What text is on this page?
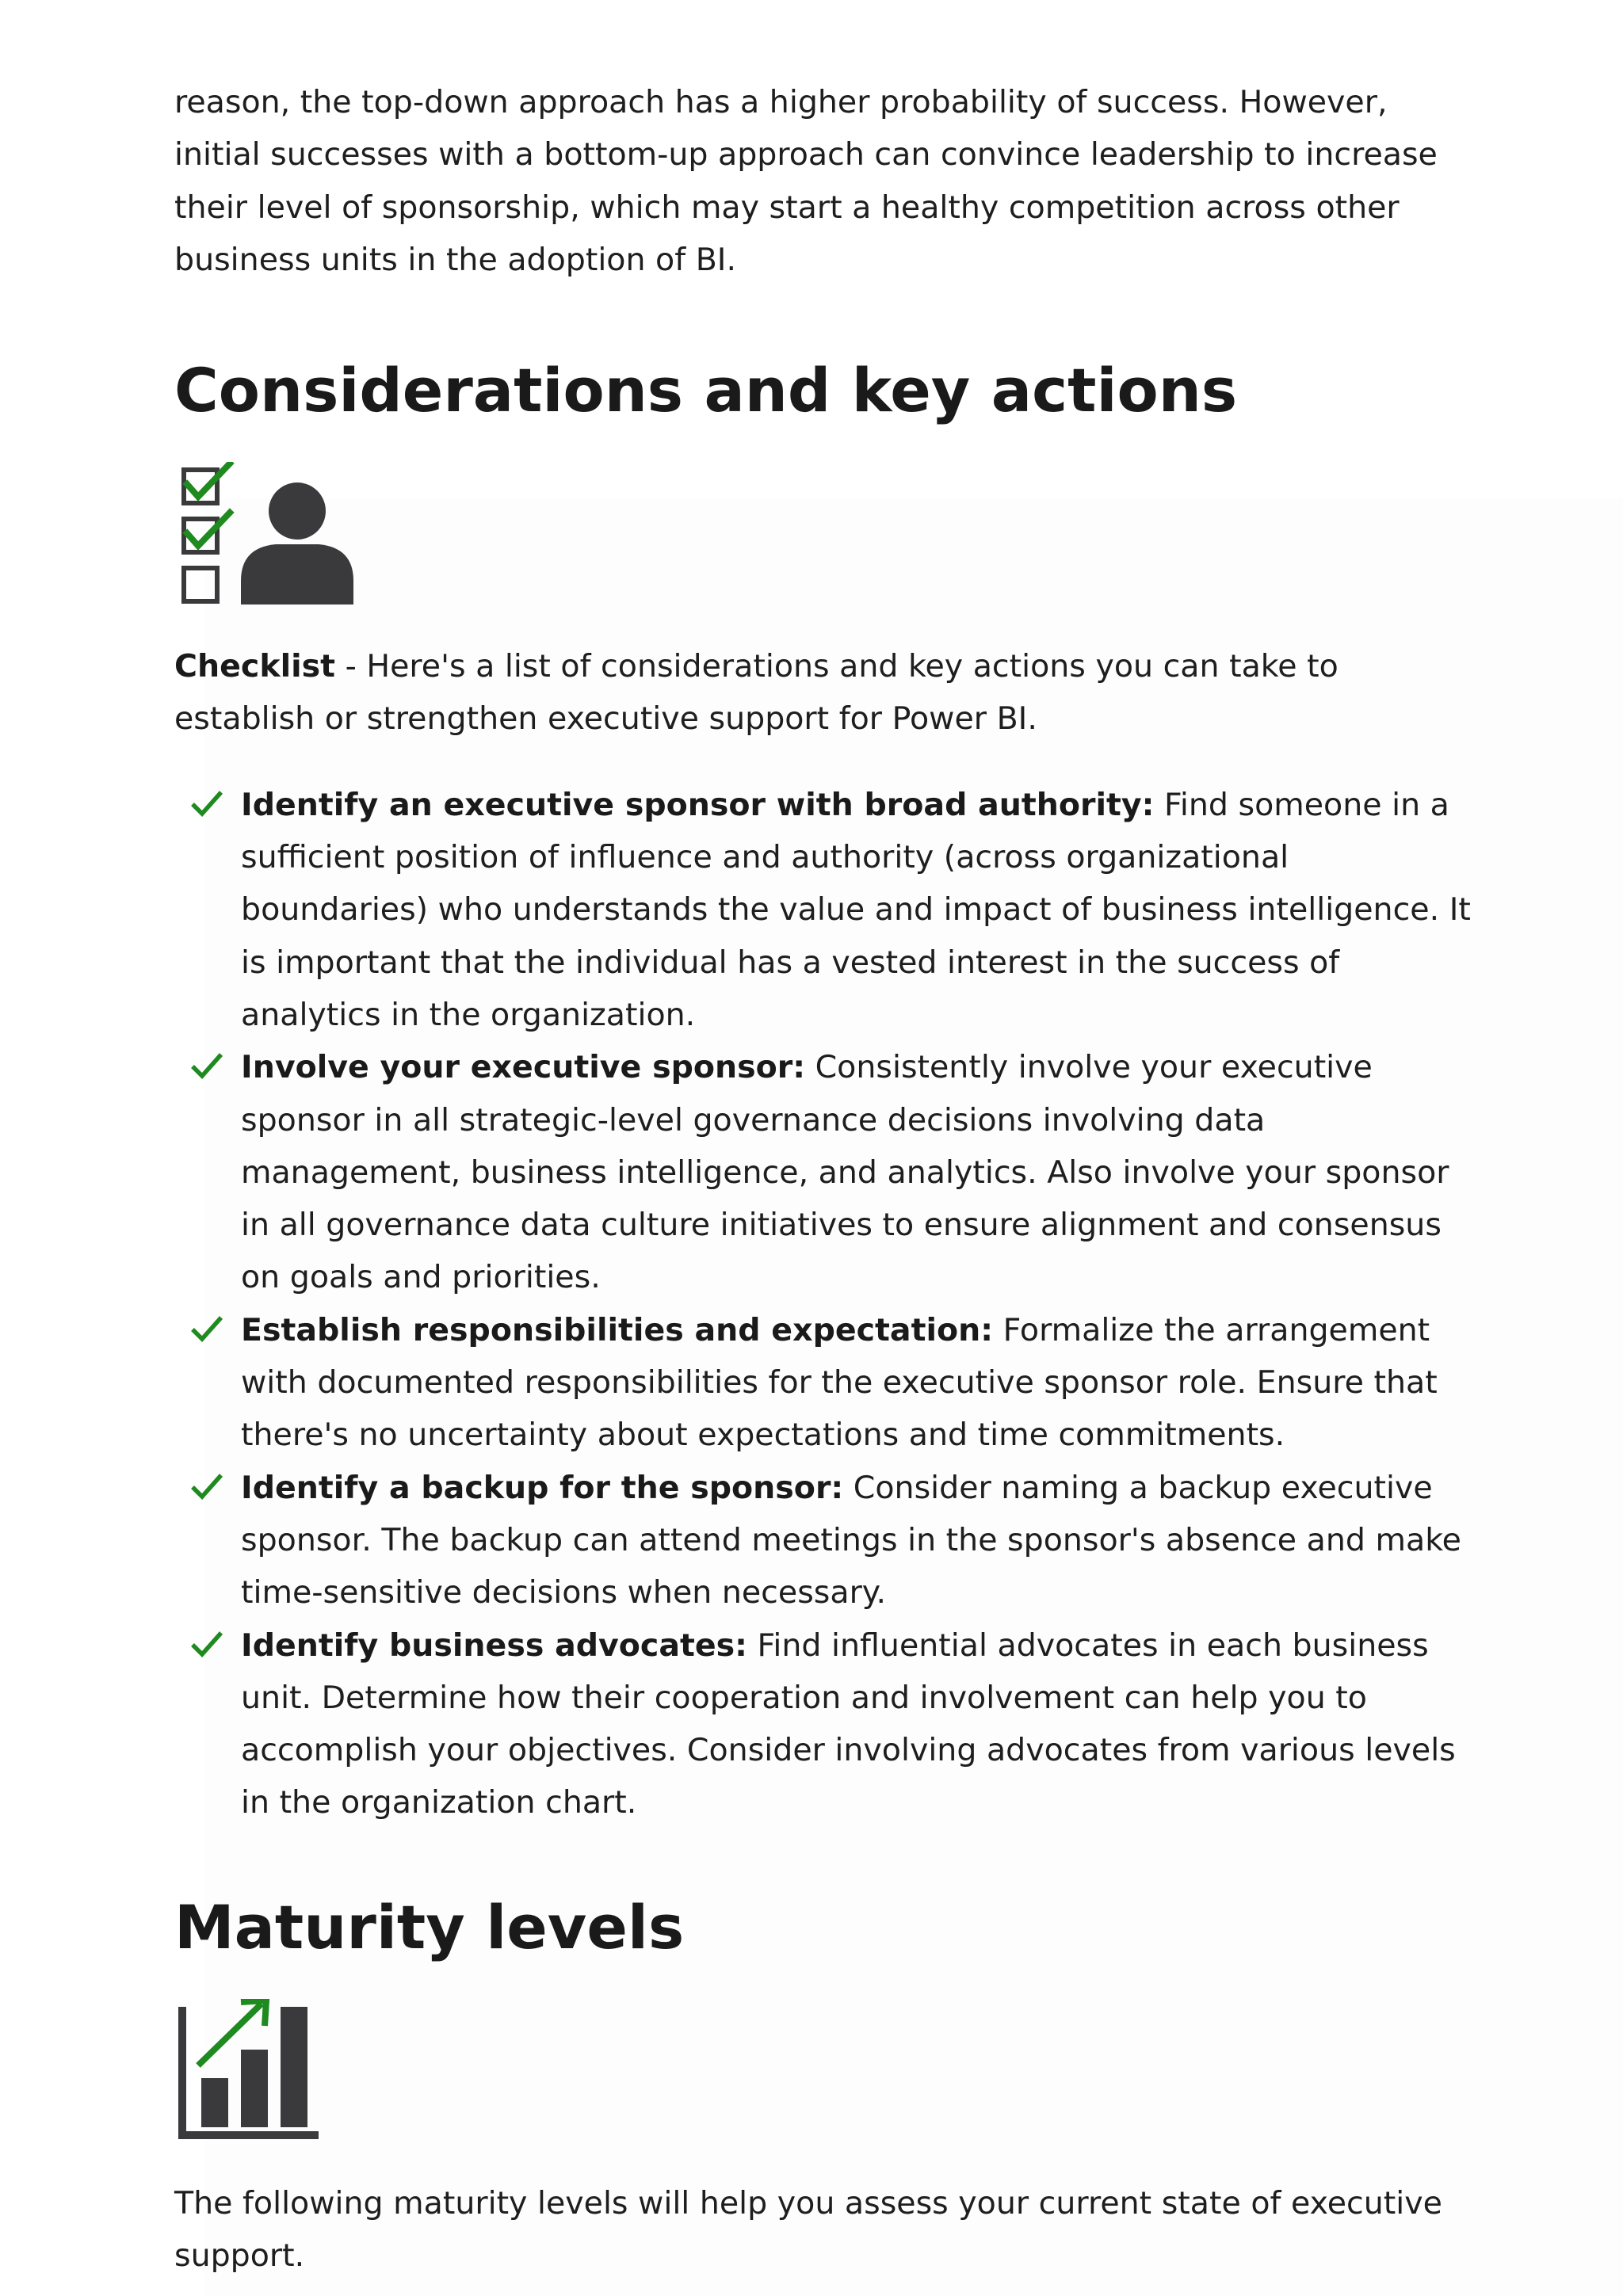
reason, the top-down approach has a higher probability of success. However, initial successes with a bottom-up approach can convince leadership to increase their level of sponsorship, which may start a healthy competition across other business units in the adoption of BI.

Considerations and key actions

Checklist - Here's a list of considerations and key actions you can take to establish or strengthen executive support for Power BI.

Identify an executive sponsor with broad authority: Find someone in a sufficient position of influence and authority (across organizational boundaries) who understands the value and impact of business intelligence. It is important that the individual has a vested interest in the success of analytics in the organization.
Involve your executive sponsor: Consistently involve your executive sponsor in all strategic-level governance decisions involving data management, business intelligence, and analytics. Also involve your sponsor in all governance data culture initiatives to ensure alignment and consensus on goals and priorities.
Establish responsibilities and expectation: Formalize the arrangement with documented responsibilities for the executive sponsor role. Ensure that there's no uncertainty about expectations and time commitments.
Identify a backup for the sponsor: Consider naming a backup executive sponsor. The backup can attend meetings in the sponsor's absence and make time-sensitive decisions when necessary.
Identify business advocates: Find influential advocates in each business unit. Determine how their cooperation and involvement can help you to accomplish your objectives. Consider involving advocates from various levels in the organization chart.
Maturity levels

The following maturity levels will help you assess your current state of executive support.
